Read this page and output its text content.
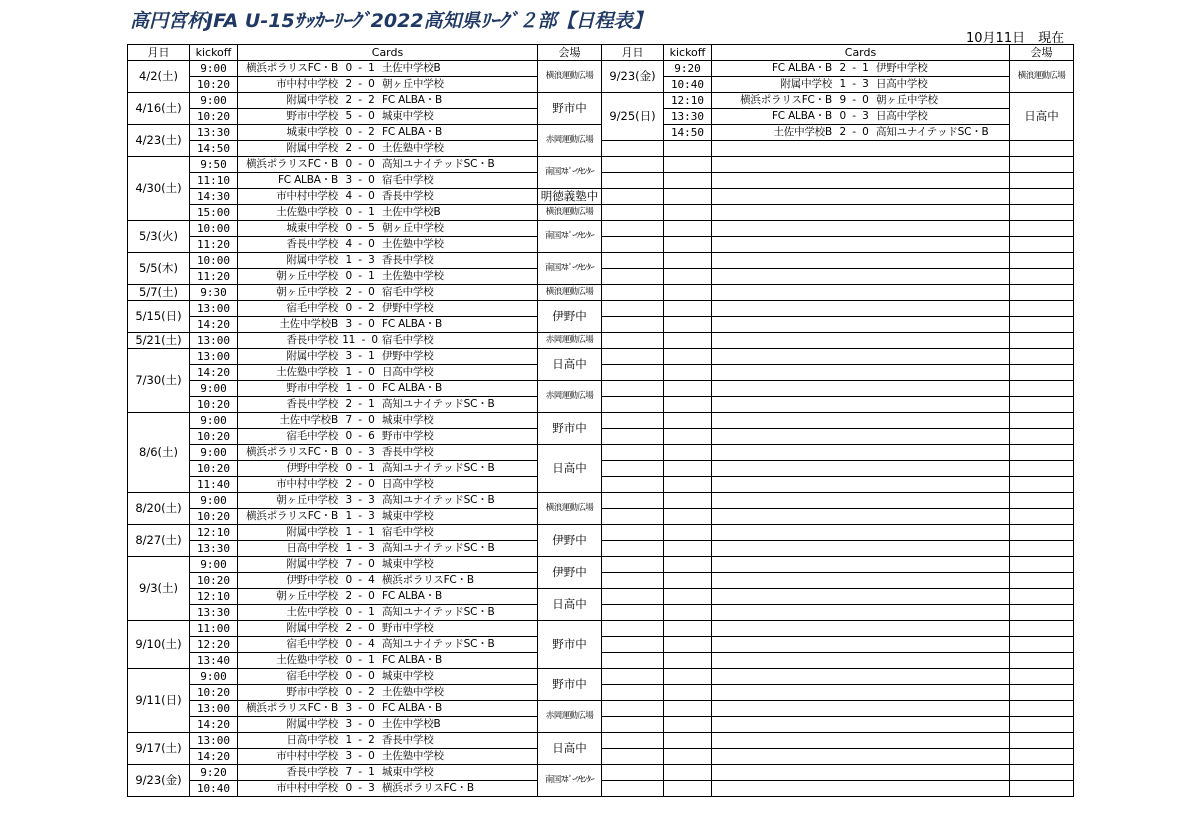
高円宮杯JFA U-15ｻｯｶｰﾘｰｸﾞ2022高知県ﾘｰｸﾞ２部【日程表】
10月11日　現在
月日	kickoff	Cards	会場
4/2(土)	9:00	横浜ポラリスFC・B 0  -  1 土佐中学校B	横浪運動広場
	10:20	市中村中学校 2  -  0 朝ヶ丘中学校	
4/16(土)	9:00	附属中学校 2  -  2 FC ALBA・B	野市中
	10:20	野市中学校 5  -  0 城東中学校	
4/23(土)	13:30	城東中学校 0  -  2 FC ALBA・B	赤岡運動広場
	14:50	附属中学校 2  -  0 土佐塾中学校	
4/30(土)	9:50	横浜ポラリスFC・B 0  -  0 高知ユナイテッドSC・B	南国ｽﾎﾟｰﾂｾﾝﾀｰ
	11:10	FC ALBA・B 3  -  0 宿毛中学校	
	14:30	市中村中学校 4  -  0 香長中学校	明徳義塾中
	15:00	土佐塾中学校 0  -  1 土佐中学校B	横浪運動広場
5/3(火)	10:00	城東中学校 0  -  5 朝ヶ丘中学校	南国ｽﾎﾟｰﾂｾﾝﾀｰ
	11:20	香長中学校 4  -  0 土佐塾中学校	
5/5(木)	10:00	附属中学校 1  -  3 香長中学校	南国ｽﾎﾟｰﾂｾﾝﾀｰ
	11:20	朝ヶ丘中学校 0  -  1 土佐塾中学校	
5/7(土)	9:30	朝ヶ丘中学校 2  -  0 宿毛中学校	横浪運動広場
5/15(日)	13:00	宿毛中学校 0  -  2 伊野中学校	伊野中
	14:20	土佐中学校B 3  -  0 FC ALBA・B	
5/21(土)	13:00	香長中学校 11  -  0 宿毛中学校	赤岡運動広場
7/30(土)	13:00	附属中学校 3  -  1 伊野中学校	日高中
	14:20	土佐塾中学校 1  -  0 日高中学校	
	9:00	野市中学校 1  -  0 FC ALBA・B	赤岡運動広場
	10:20	香長中学校 2  -  1 高知ユナイテッドSC・B	
8/6(土)	9:00	土佐中学校B 7  -  0 城東中学校	野市中
	10:20	宿毛中学校 0  -  6 野市中学校	
	9:00	横浜ポラリスFC・B 0  -  3 香長中学校	日高中
	10:20	伊野中学校 0  -  1 高知ユナイテッドSC・B	
	11:40	市中村中学校 2  -  0 日高中学校	
8/20(土)	9:00	朝ヶ丘中学校 3  -  3 高知ユナイテッドSC・B	横浪運動広場
	10:20	横浜ポラリスFC・B 1  -  3 城東中学校	
8/27(土)	12:10	附属中学校 1  -  1 宿毛中学校	伊野中
	13:30	日高中学校 1  -  3 高知ユナイテッドSC・B	
9/3(土)	9:00	附属中学校 7  -  0 城東中学校	伊野中
	10:20	伊野中学校 0  -  4 横浜ポラリスFC・B	
	12:10	朝ヶ丘中学校 2  -  0 FC ALBA・B	日高中
	13:30	土佐中学校 0  -  1 高知ユナイテッドSC・B	
9/10(土)	11:00	附属中学校 2  -  0 野市中学校	野市中
	12:20	宿毛中学校 0  -  4 高知ユナイテッドSC・B	
	13:40	土佐塾中学校 0  -  1 FC ALBA・B	
9/11(日)	9:00	宿毛中学校 0  -  0 城東中学校	野市中
	10:20	野市中学校 0  -  2 土佐塾中学校	
	13:00	横浜ポラリスFC・B 3  -  0 FC ALBA・B	赤岡運動広場
	14:20	附属中学校 3  -  0 土佐中学校B	
9/17(土)	13:00	日高中学校 1  -  2 香長中学校	日高中
	14:20	市中村中学校 3  -  0 土佐塾中学校	
9/23(金)	9:20	香長中学校 7  -  1 城東中学校	南国ｽﾎﾟｰﾂｾﾝﾀｰ
	10:40	市中村中学校 0  -  3 横浜ポラリスFC・B	
月日	kickoff	Cards	会場
9/23(金)	9:20	FC ALBA・B 2  -  1 伊野中学校	横浪運動広場
	10:40	附属中学校 1  -  3 日高中学校	
9/25(日)	12:10	横浜ポラリスFC・B 9  -  0 朝ヶ丘中学校	日高中
	13:30	FC ALBA・B 0  -  3 日高中学校	
	14:50	土佐中学校B 2  -  0 高知ユナイテッドSC・B	
